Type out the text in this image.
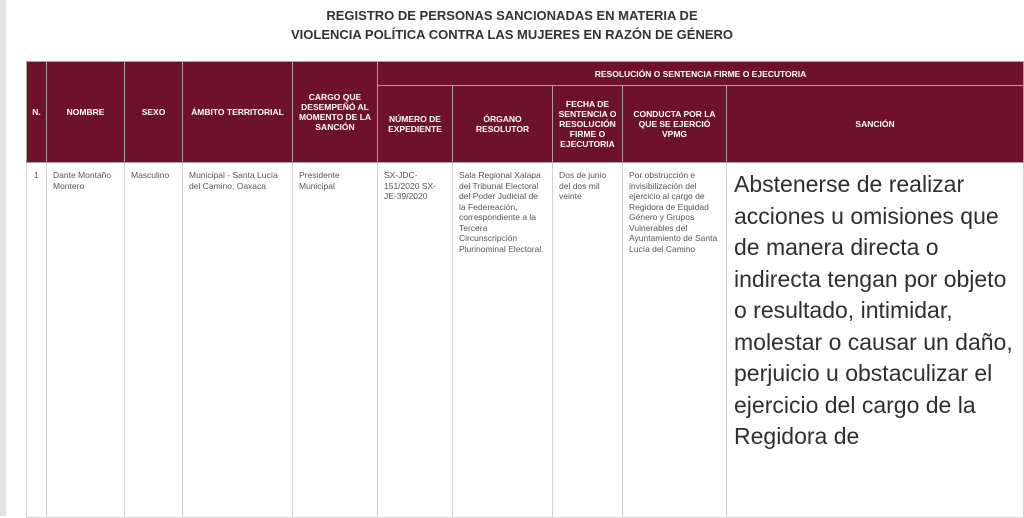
REGISTRO DE PERSONAS SANCIONADAS EN MATERIA DE
VIOLENCIA POLÍTICA CONTRA LAS MUJERES EN RAZÓN DE GÉNERO
N.	NOMBRE	SEXO	ÁMBITO TERRITORIAL	CARGO QUE DESEMPEÑÓ AL MOMENTO DE LA SANCIÓN	RESOLUCIÓN O SENTENCIA FIRME O EJECUTORIA				
					NÚMERO DE EXPEDIENTE	ÓRGANO RESOLUTOR	FECHA DE SENTENCIA O RESOLUCIÓN FIRME O EJECUTORIA	CONDUCTA POR LA QUE SE EJERCIÓ VPMG	SANCIÓN
1	Dante Montaño Montero	Masculino	Municipal - Santa Lucía del Camino, Oaxaca	Presidente Municipal	SX-JDC-151/2020 SX-JE-39/2020	Sala Regional Xalapa del Tribunal Electoral del Poder Judicial de la Federeación, correspondiente a la Tercera Circunscripción Plurinominal Electoral.	Dos de junio del dos mil veinte	Por obstrucción e invisibilización del ejercicio al cargo de Regidora de Equidad Género y Grupos Vulnerables del Ayuntamiento de Santa Lucía del Camino	Abstenerse de realizar acciones u omisiones que de manera directa o indirecta tengan por objeto o resultado, intimidar, molestar o causar un daño, perjuicio u obstaculizar el ejercicio del cargo de la Regidora de
